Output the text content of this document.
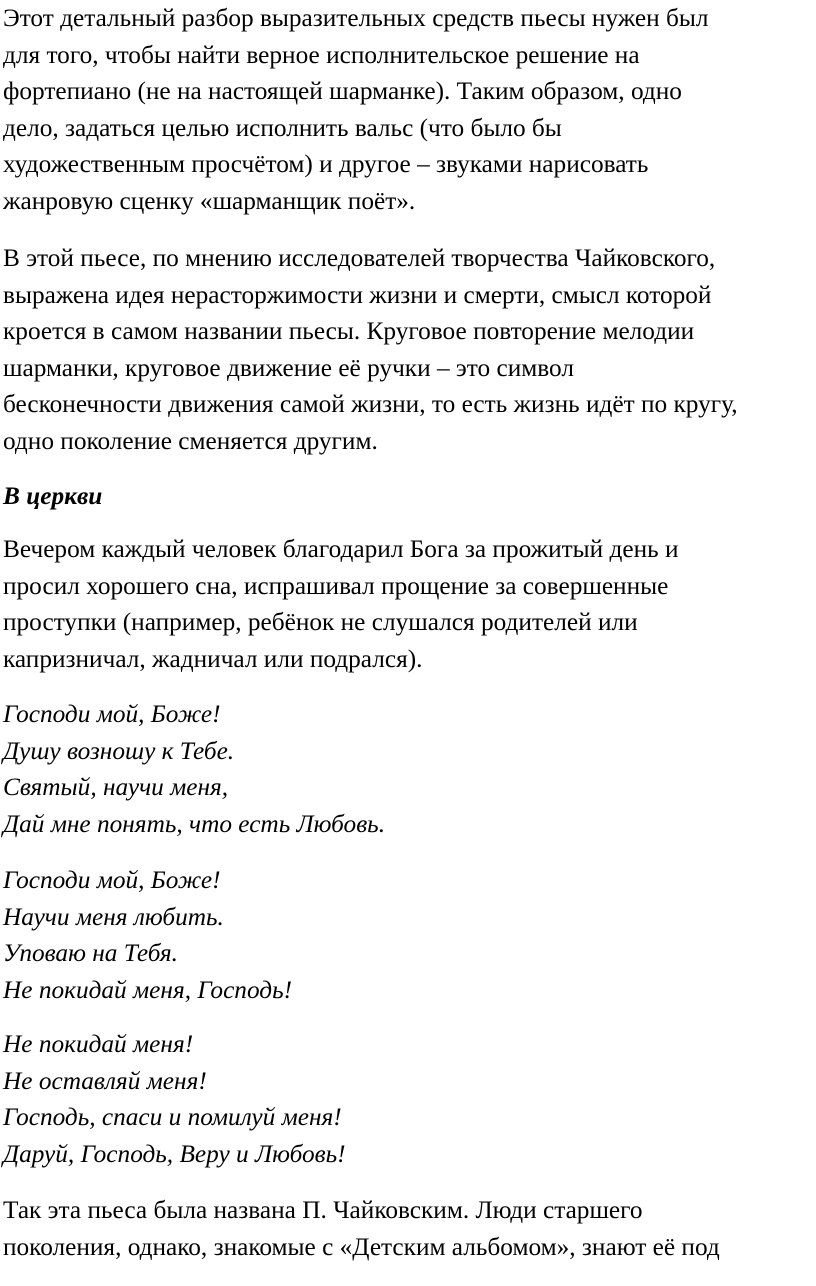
Этот детальный разбор выразительных средств пьесы нужен был
для того, чтобы найти верное исполнительское решение на
фортепиано (не на настоящей шарманке). Таким образом, одно
дело, задаться целью исполнить вальс (что было бы
художественным просчётом) и другое – звуками нарисовать
жанровую сценку «шарманщик поёт».

В этой пьесе, по мнению исследователей творчества Чайковского,
выражена идея нерасторжимости жизни и смерти, смысл которой
кроется в самом названии пьесы. Круговое повторение мелодии
шарманки, круговое движение её ручки – это символ
бесконечности движения самой жизни, то есть жизнь идёт по кругу,
одно поколение сменяется другим.

В церкви

Вечером каждый человек благодарил Бога за прожитый день и
просил хорошего сна, испрашивал прощение за совершенные
проступки (например, ребёнок не слушался родителей или
капризничал, жадничал или подрался).

Господи мой, Боже!
Душу возношу к Тебе.
Святый, научи меня,
Дай мне понять, что есть Любовь.

Господи мой, Боже!
Научи меня любить.
Уповаю на Тебя.
Не покидай меня, Господь!

Не покидай меня!
Не оставляй меня!
Господь, спаси и помилуй меня!
Даруй, Господь, Веру и Любовь!

Так эта пьеса была названа П. Чайковским. Люди старшего
поколения, однако, знакомые с «Детским альбомом», знают её под
